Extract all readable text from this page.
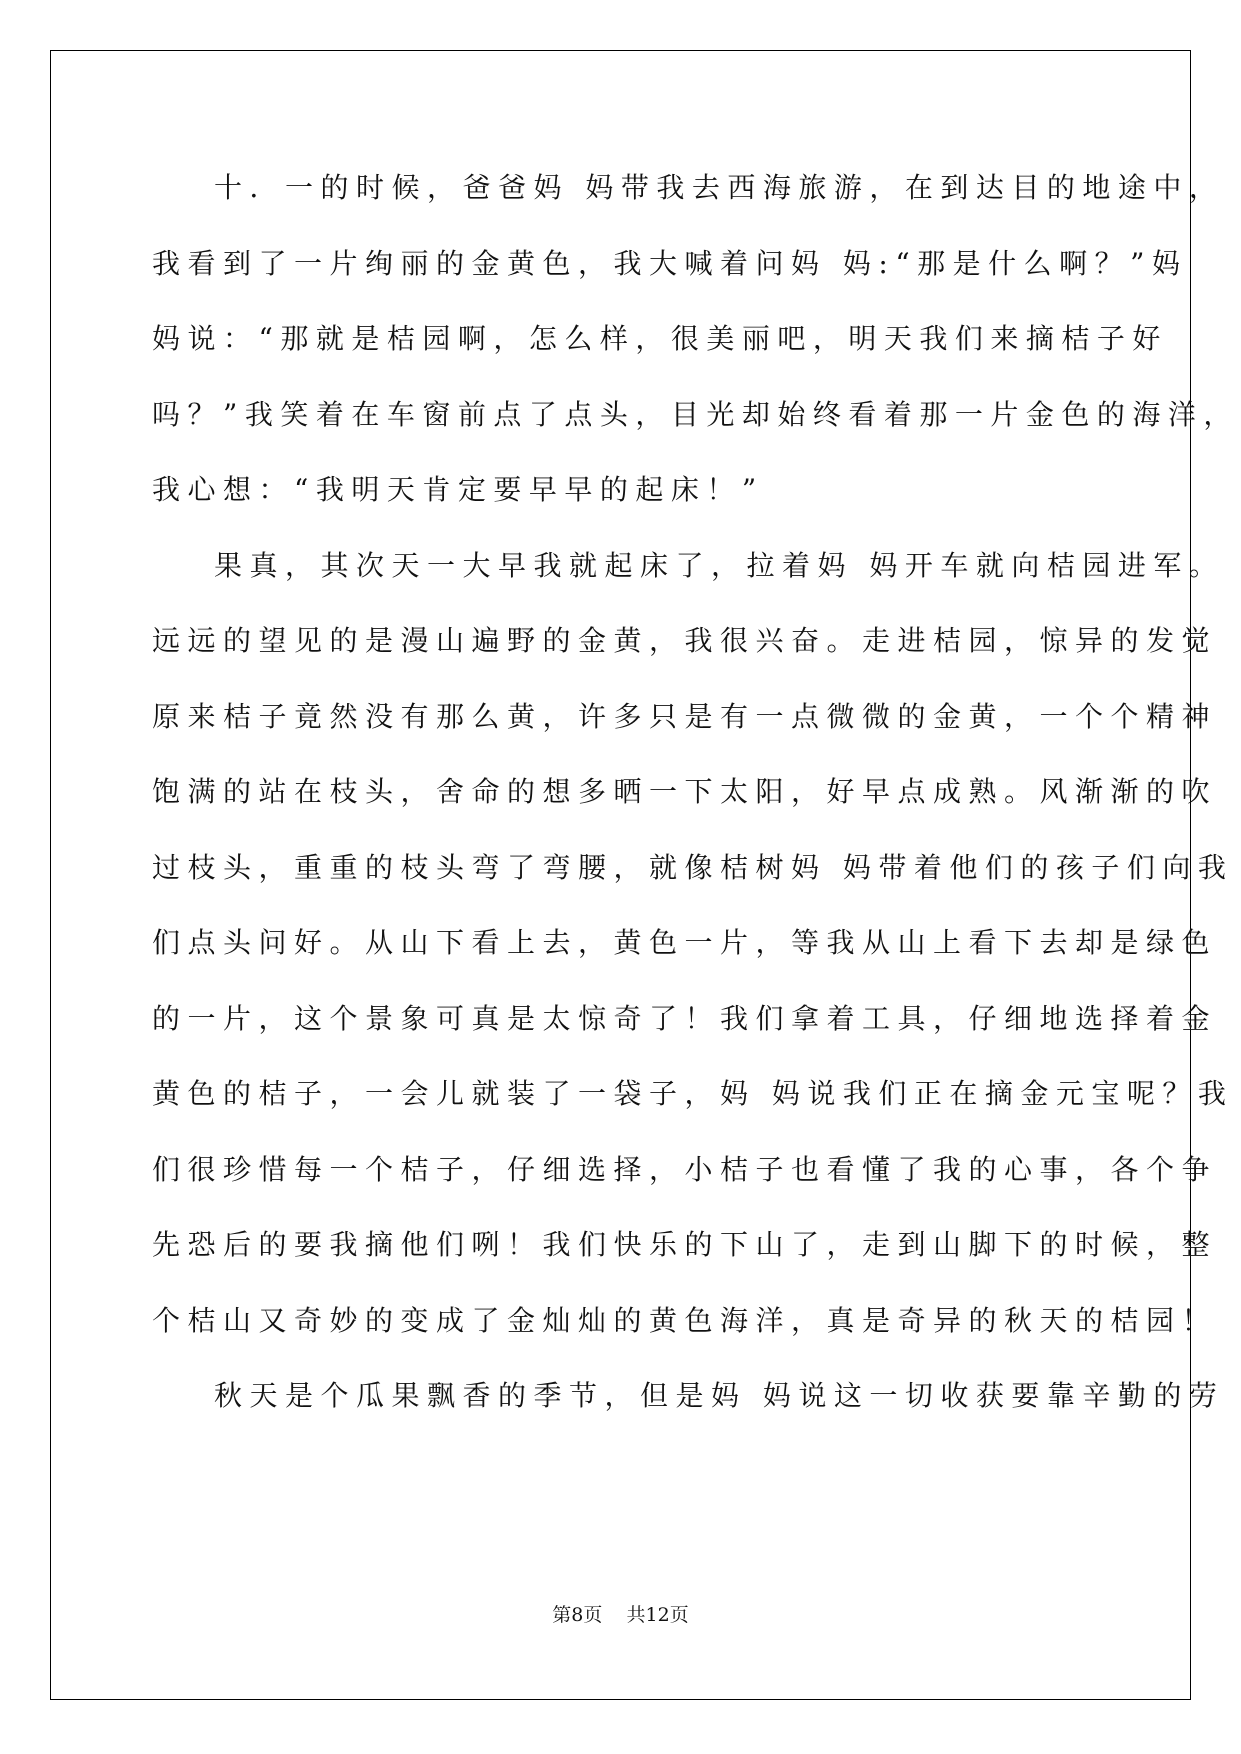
十．一的时候，爸爸妈 妈带我去西海旅游，在到达目的地途中，
我看到了一片绚丽的金黄色，我大喊着问妈 妈:“那是什么啊？”妈
妈说：“那就是桔园啊，怎么样，很美丽吧，明天我们来摘桔子好
吗？”我笑着在车窗前点了点头，目光却始终看着那一片金色的海洋，
我心想：“我明天肯定要早早的起床！”
果真，其次天一大早我就起床了，拉着妈 妈开车就向桔园进军。
远远的望见的是漫山遍野的金黄，我很兴奋。走进桔园，惊异的发觉
原来桔子竟然没有那么黄，许多只是有一点微微的金黄，一个个精神
饱满的站在枝头，舍命的想多晒一下太阳，好早点成熟。风渐渐的吹
过枝头，重重的枝头弯了弯腰，就像桔树妈 妈带着他们的孩子们向我
们点头问好。从山下看上去，黄色一片，等我从山上看下去却是绿色
的一片，这个景象可真是太惊奇了！我们拿着工具，仔细地选择着金
黄色的桔子，一会儿就装了一袋子，妈 妈说我们正在摘金元宝呢？我
们很珍惜每一个桔子，仔细选择，小桔子也看懂了我的心事，各个争
先恐后的要我摘他们咧！我们快乐的下山了，走到山脚下的时候，整
个桔山又奇妙的变成了金灿灿的黄色海洋，真是奇异的秋天的桔园！
秋天是个瓜果飘香的季节，但是妈 妈说这一切收获要靠辛勤的劳
第8页    共12页
